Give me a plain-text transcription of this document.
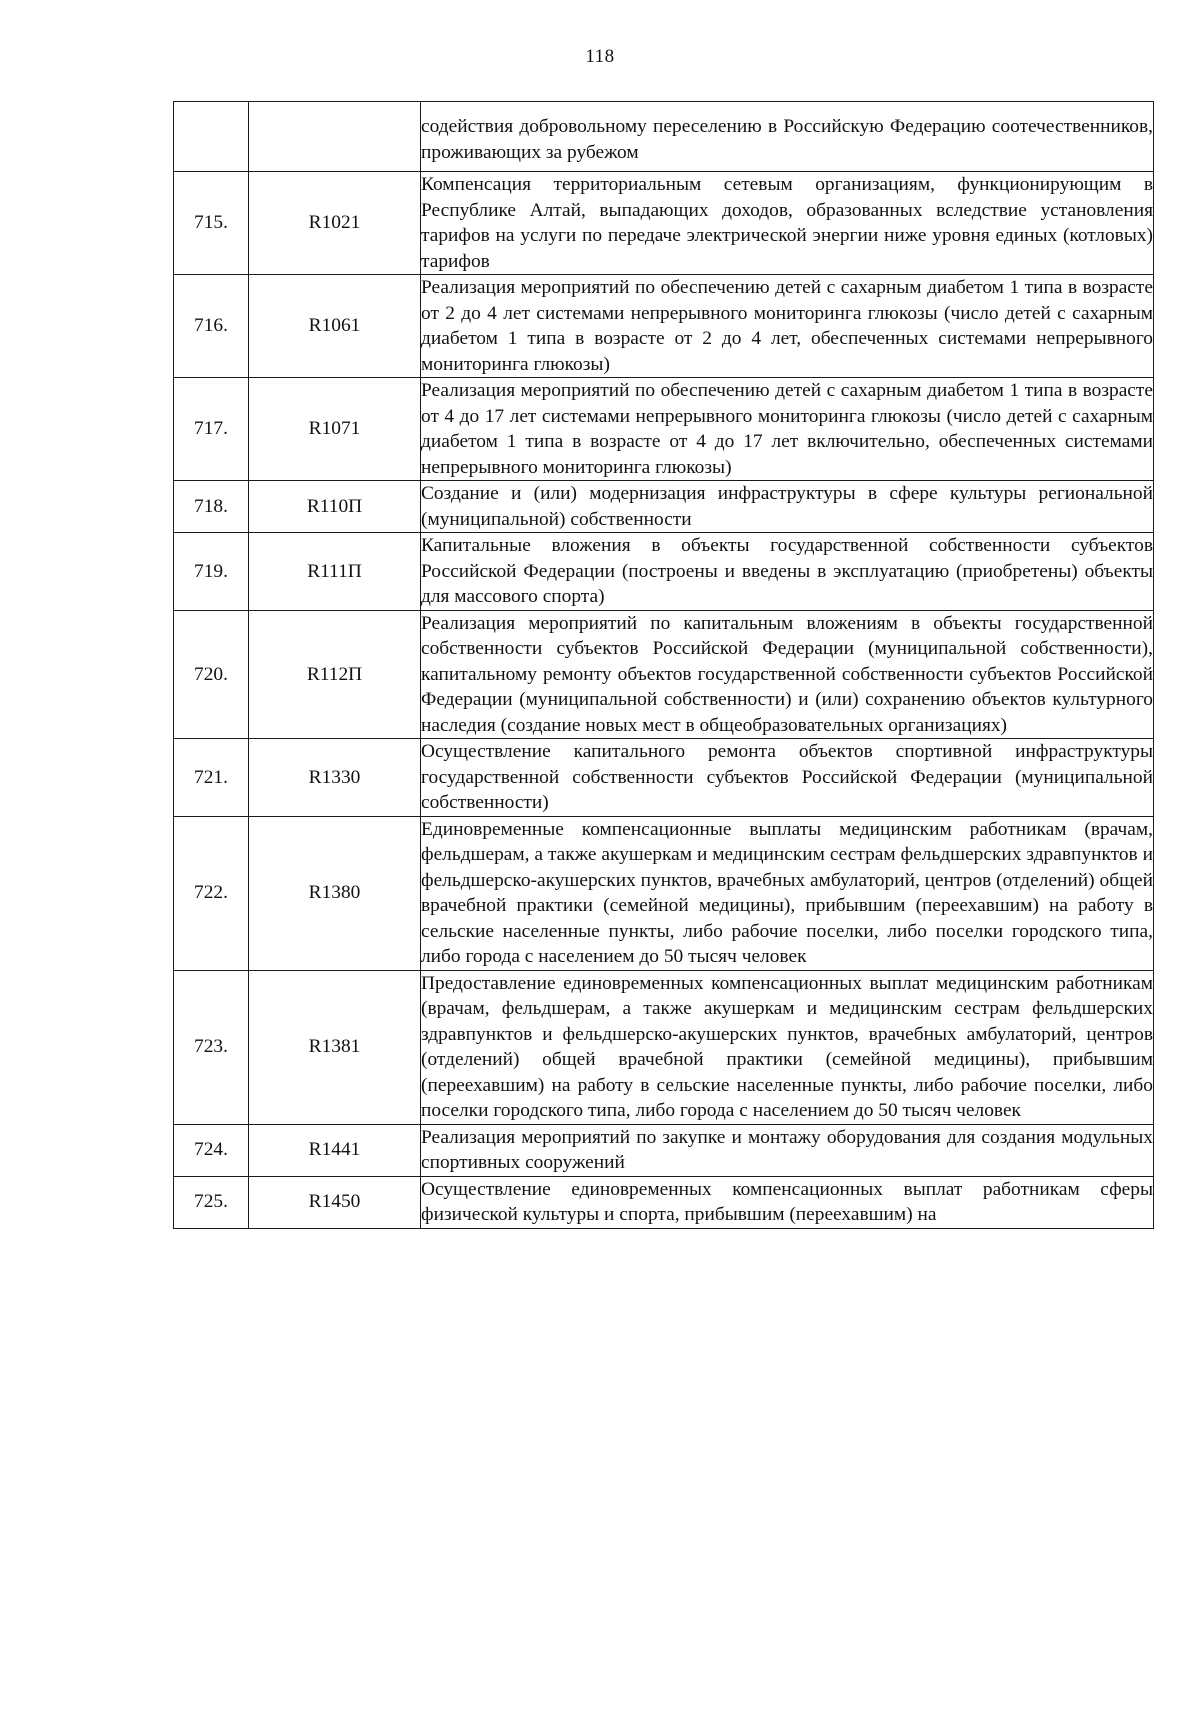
118
		содействия добровольному переселению в Российскую Федерацию соотечественников, проживающих за рубежом
715.	R1021	Компенсация территориальным сетевым организациям, функционирующим в Республике Алтай, выпадающих доходов, образованных вследствие установления тарифов на услуги по передаче электрической энергии ниже уровня единых (котловых) тарифов
716.	R1061	Реализация мероприятий по обеспечению детей с сахарным диабетом 1 типа в возрасте от 2 до 4 лет системами непрерывного мониторинга глюкозы (число детей с сахарным диабетом 1 типа в возрасте от 2 до 4 лет, обеспеченных системами непрерывного мониторинга глюкозы)
717.	R1071	Реализация мероприятий по обеспечению детей с сахарным диабетом 1 типа в возрасте от 4 до 17 лет системами непрерывного мониторинга глюкозы (число детей с сахарным диабетом 1 типа в возрасте от 4 до 17 лет включительно, обеспеченных системами непрерывного мониторинга глюкозы)
718.	R110П	Создание и (или) модернизация инфраструктуры в сфере культуры региональной (муниципальной) собственности
719.	R111П	Капитальные вложения в объекты государственной собственности субъектов Российской Федерации (построены и введены в эксплуатацию (приобретены) объекты для массового спорта)
720.	R112П	Реализация мероприятий по капитальным вложениям в объекты государственной собственности субъектов Российской Федерации (муниципальной собственности), капитальному ремонту объектов государственной собственности субъектов Российской Федерации (муниципальной собственности) и (или) сохранению объектов культурного наследия (создание новых мест в общеобразовательных организациях)
721.	R1330	Осуществление капитального ремонта объектов спортивной инфраструктуры государственной собственности субъектов Российской Федерации (муниципальной собственности)
722.	R1380	Единовременные компенсационные выплаты медицинским работникам (врачам, фельдшерам, а также акушеркам и медицинским сестрам фельдшерских здравпунктов и фельдшерско-акушерских пунктов, врачебных амбулаторий, центров (отделений) общей врачебной практики (семейной медицины), прибывшим (переехавшим) на работу в сельские населенные пункты, либо рабочие поселки, либо поселки городского типа, либо города с населением до 50 тысяч человек
723.	R1381	Предоставление единовременных компенсационных выплат медицинским работникам (врачам, фельдшерам, а также акушеркам и медицинским сестрам фельдшерских здравпунктов и фельдшерско-акушерских пунктов, врачебных амбулаторий, центров (отделений) общей врачебной практики (семейной медицины), прибывшим (переехавшим) на работу в сельские населенные пункты, либо рабочие поселки, либо поселки городского типа, либо города с населением до 50 тысяч человек
724.	R1441	Реализация мероприятий по закупке и монтажу оборудования для создания модульных спортивных сооружений
725.	R1450	Осуществление единовременных компенсационных выплат работникам сферы физической культуры и спорта, прибывшим (переехавшим) на
